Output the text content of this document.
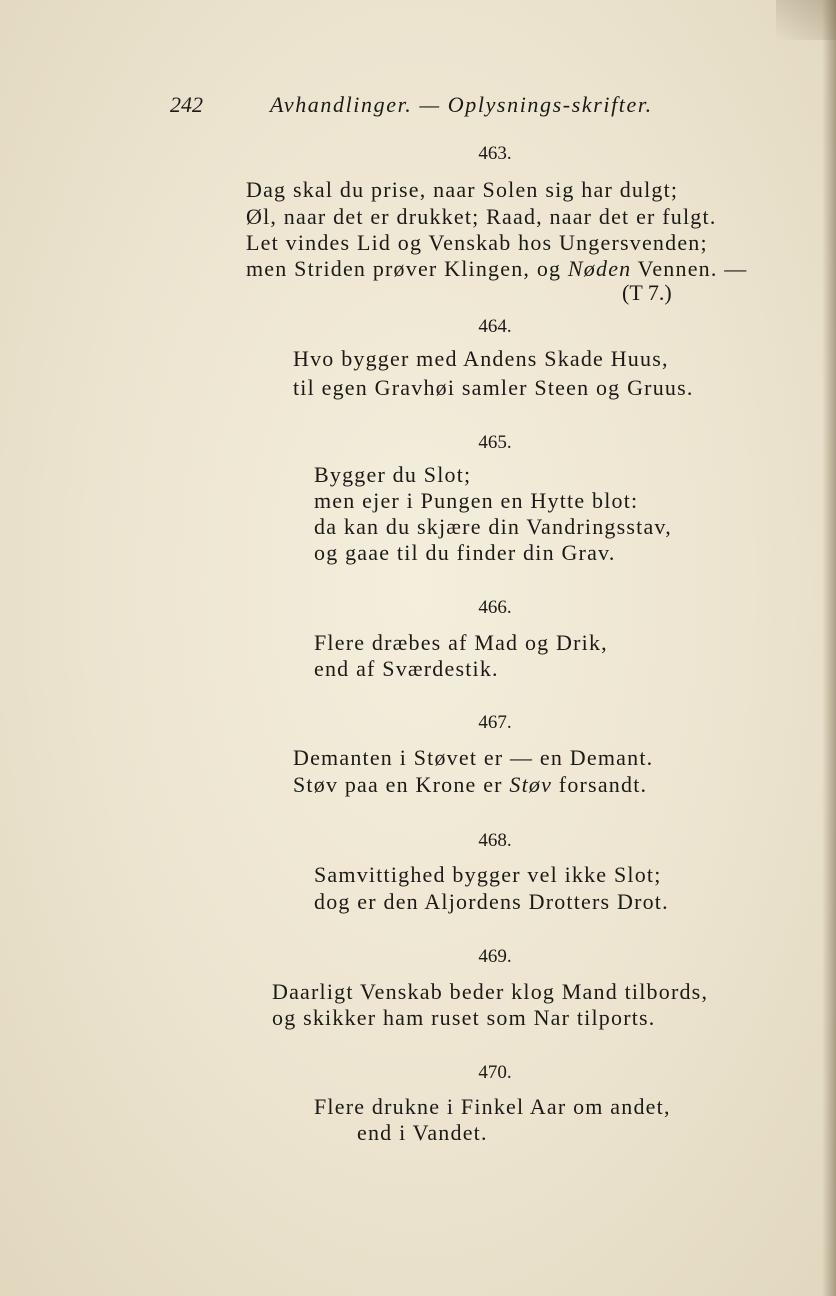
242	Avhandlinger. — Oplysnings-skrifter.
463.
Dag skal du prise, naar Solen sig har dulgt;
Øl, naar det er drukket; Raad, naar det er fulgt.
Let vindes Lid og Venskab hos Ungersvenden;
men Striden prøver Klingen, og Nøden Vennen. —
(T 7.)
464.
Hvo bygger med Andens Skade Huus,
til egen Gravhøi samler Steen og Gruus.
465.
Bygger du Slot;
men ejer i Pungen en Hytte blot:
da kan du skjære din Vandringsstav,
og gaae til du finder din Grav.
466.
Flere dræbes af Mad og Drik,
end af Sværdestik.
467.
Demanten i Støvet er — en Demant.
Støv paa en Krone er Støv forsandt.
468.
Samvittighed bygger vel ikke Slot;
dog er den Aljordens Drotters Drot.
469.
Daarligt Venskab beder klog Mand tilbords,
og skikker ham ruset som Nar tilports.
470.
Flere drukne i Finkel Aar om andet,
end i Vandet.
